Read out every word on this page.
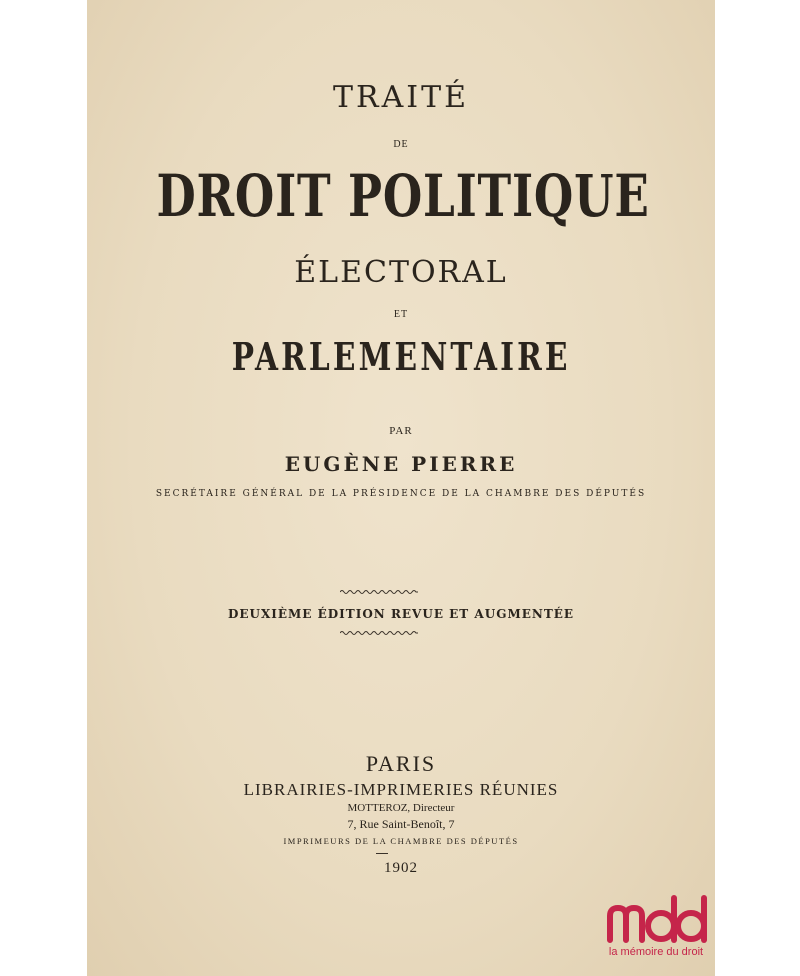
TRAITÉ
DE
DROIT POLITIQUE
ÉLECTORAL
ET
PARLEMENTAIRE
PAR
EUGÈNE PIERRE
SECRÉTAIRE GÉNÉRAL DE LA PRÉSIDENCE DE LA CHAMBRE DES DÉPUTÉS
DEUXIÈME ÉDITION REVUE ET AUGMENTÉE
PARIS
LIBRAIRIES-IMPRIMERIES RÉUNIES
MOTTEROZ, Directeur
7, Rue Saint-Benoît, 7
IMPRIMEURS DE LA CHAMBRE DES DÉPUTÉS
1902
la mémoire du droit
